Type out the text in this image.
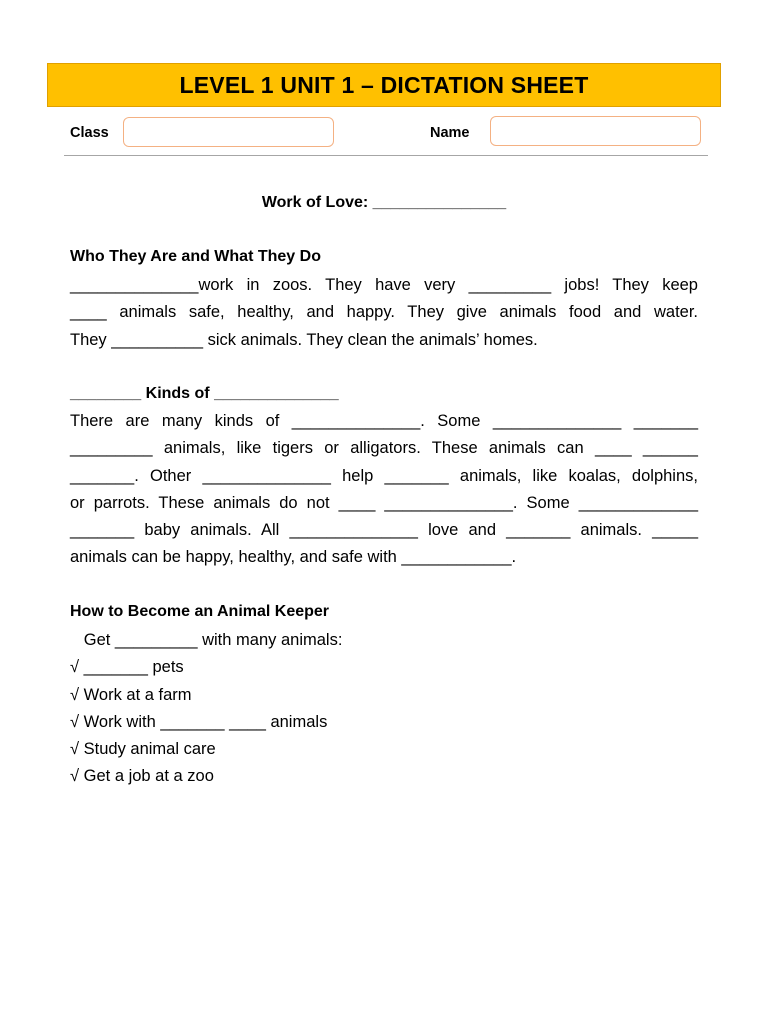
LEVEL 1 UNIT 1 – DICTATION SHEET
Class	Name
Work of Love: _______________
Who They Are and What They Do
______________work in zoos. They have very _________ jobs! They keep
____ animals safe, healthy, and happy. They give animals food and water.
They __________ sick animals. They clean the animals’ homes.
________ Kinds of ______________
There are many kinds of ______________. Some ______________ _______
_________ animals, like tigers or alligators. These animals can ____ ______
_______. Other ______________ help _______ animals, like koalas, dolphins,
or parrots. These animals do not ____ ______________. Some _____________
_______ baby animals. All ______________ love and _______ animals. _____
animals can be happy, healthy, and safe with ____________.
How to Become an Animal Keeper
Get _________ with many animals:
√ _______ pets
√ Work at a farm
√ Work with _______ ____ animals
√ Study animal care
√ Get a job at a zoo
